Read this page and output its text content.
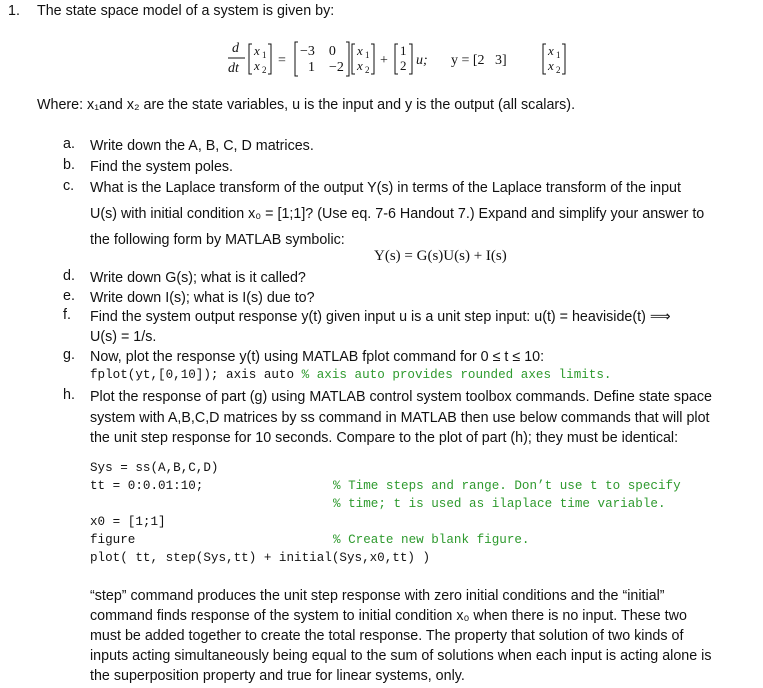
1. The state space model of a system is given by:
d
dt
x 1
x 2
=
−3    0
1    −2
x 1
x 2
+
1
2 u; y = [2   3]
x 1
x 2
Where: x₁and x₂ are the state variables, u is the input and y is the output (all scalars).
a.	Write down the A, B, C, D matrices.
b.	Find the system poles.
c.	What is the Laplace transform of the output Y(s) in terms of the Laplace transform of the input
U(s) with initial condition x₀ = [1;1]? (Use eq. 7-6 Handout 7.) Expand and simplify your answer to
the following form by MATLAB symbolic:
Y(s) = G(s)U(s) + I(s)
d.	Write down G(s); what is it called?
e.	Write down I(s); what is I(s) due to?
f.	Find the system output response y(t) given input u is a unit step input: u(t) = heaviside(t) ⟹
U(s) = 1/s.
g.	Now, plot the response y(t) using MATLAB fplot command for 0 ≤ t ≤ 10:
fplot(yt,[0,10]); axis auto % axis auto provides rounded axes limits.
h.	Plot the response of part (g) using MATLAB control system toolbox commands. Define state space
system with A,B,C,D matrices by ss command in MATLAB then use below commands that will plot
the unit step response for 10 seconds. Compare to the plot of part (h); they must be identical:
Sys = ss(A,B,C,D)
tt = 0:0.01:10;	% Time steps and range. Don’t use t to specify
% time; t is used as ilaplace time variable.
x0 = [1;1]
figure	% Create new blank figure.
plot( tt, step(Sys,tt) + initial(Sys,x0,tt) )
“step” command produces the unit step response with zero initial conditions and the “initial”
command finds response of the system to initial condition x₀ when there is no input. These two
must be added together to create the total response. The property that solution of two kinds of
inputs acting simultaneously being equal to the sum of solutions when each input is acting alone is
the superposition property and true for linear systems, only.
